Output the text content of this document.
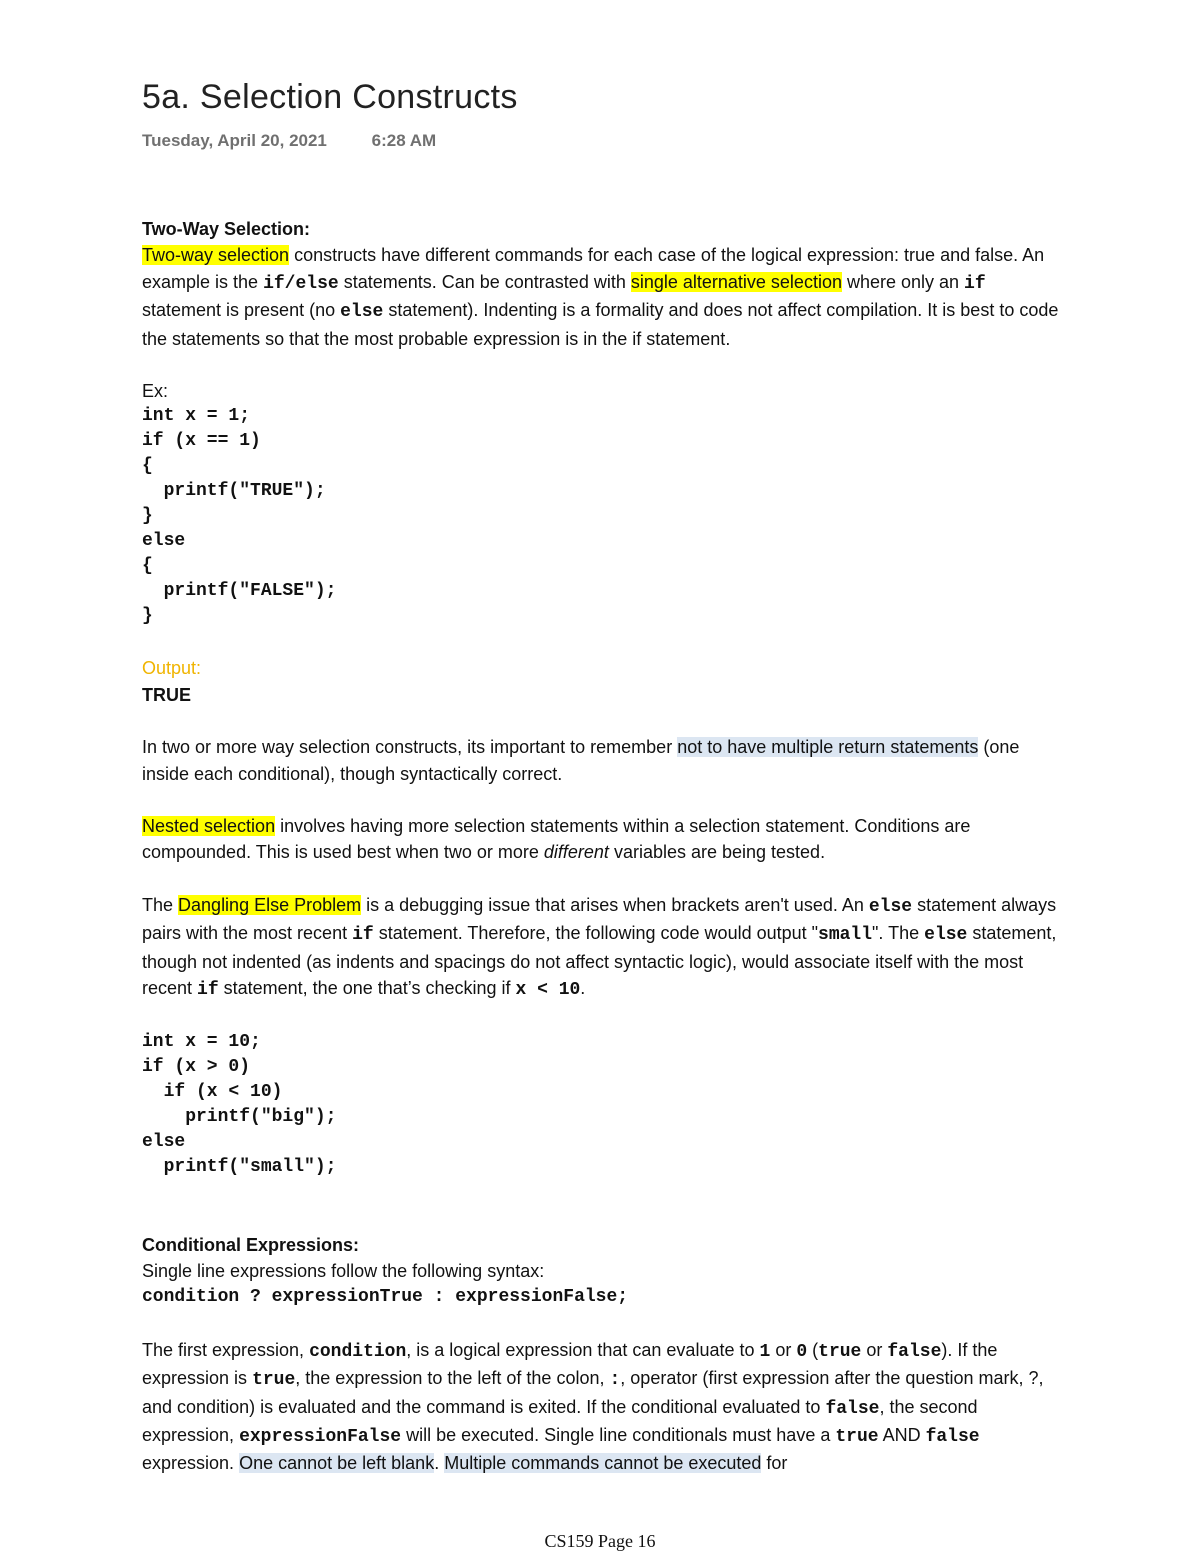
5a. Selection Constructs
Tuesday, April 20, 2021	6:28 AM

Two-Way Selection:

Two-way selection constructs have different commands for each case of the logical expression: true and false. An example is the if/else statements. Can be contrasted with single alternative selection where only an if statement is present (no else statement). Indenting is a formality and does not affect compilation. It is best to code the statements so that the most probable expression is in the if statement.

Ex:

int x = 1;
if (x == 1)
{
printf("TRUE");
}
else
{
printf("FALSE");
}

Output:

TRUE

In two or more way selection constructs, its important to remember not to have multiple return statements (one inside each conditional), though syntactically correct.

Nested selection involves having more selection statements within a selection statement. Conditions are compounded. This is used best when two or more different variables are being tested.

The Dangling Else Problem is a debugging issue that arises when brackets aren't used. An else statement always pairs with the most recent if statement. Therefore, the following code would output "small". The else statement, though not indented (as indents and spacings do not affect syntactic logic), would associate itself with the most recent if statement, the one that’s checking if x < 10.

int x = 10;
if (x > 0)
if (x < 10)
printf("big");
else
printf("small");

Conditional Expressions:

Single line expressions follow the following syntax:

condition ? expressionTrue : expressionFalse;

The first expression, condition, is a logical expression that can evaluate to 1 or 0 (true or false). If the expression is true, the expression to the left of the colon, :, operator (first expression after the question mark, ?, and condition) is evaluated and the command is exited. If the conditional evaluated to false, the second expression, expressionFalse will be executed. Single line conditionals must have a true AND false expression. One cannot be left blank. Multiple commands cannot be executed for

CS159 Page 16
